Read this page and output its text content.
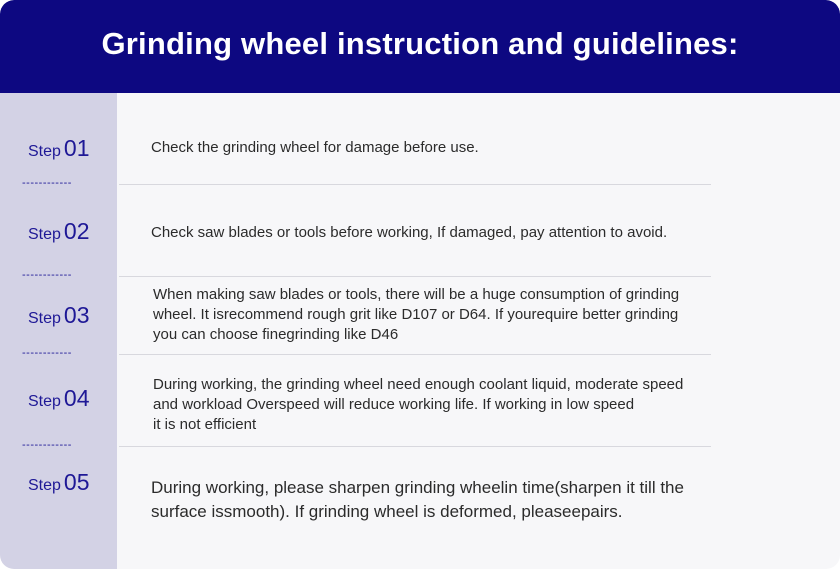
Grinding wheel instruction and guidelines:
Step 01
------------
Check the grinding wheel for damage before use.
Step 02
------------
Check saw blades or tools before working, If damaged, pay attention to avoid.
Step 03
------------
When making saw blades or tools, there will be a huge consumption of grinding
wheel. It isrecommend rough grit like D107 or D64. If yourequire better grinding
you can choose finegrinding like D46
Step 04
------------
During working, the grinding wheel need enough coolant liquid, moderate speed
and workload Overspeed will reduce working life. If working in low speed
it is not efficient
Step 05	During working, please sharpen grinding wheelin time(sharpen it till the
surface issmooth). If grinding wheel is deformed, pleaseepairs.
